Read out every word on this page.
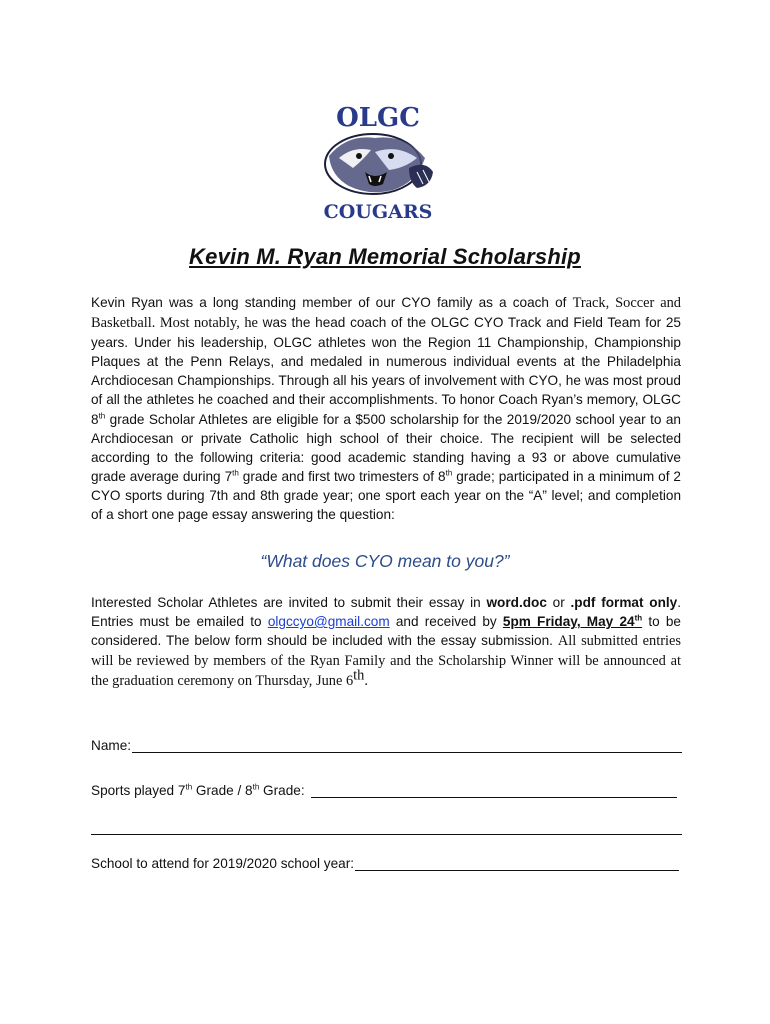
OLGC
COUGARS
Kevin M. Ryan Memorial Scholarship
Kevin Ryan was a long standing member of our CYO family as a coach of Track, Soccer and Basketball. Most notably, he was the head coach of the OLGC CYO Track and Field Team for 25 years. Under his leadership, OLGC athletes won the Region 11 Championship, Championship Plaques at the Penn Relays, and medaled in numerous individual events at the Philadelphia Archdiocesan Championships. Through all his years of involvement with CYO, he was most proud of all the athletes he coached and their accomplishments. To honor Coach Ryan’s memory, OLGC 8th grade Scholar Athletes are eligible for a $500 scholarship for the 2019/2020 school year to an Archdiocesan or private Catholic high school of their choice. The recipient will be selected according to the following criteria: good academic standing having a 93 or above cumulative grade average during 7th grade and first two trimesters of 8th grade; participated in a minimum of 2 CYO sports during 7th and 8th grade year; one sport each year on the “A” level; and completion of a short one page essay answering the question:
“What does CYO mean to you?”
Interested Scholar Athletes are invited to submit their essay in word.doc or .pdf format only. Entries must be emailed to olgccyo@gmail.com and received by 5pm Friday, May 24th to be considered. The below form should be included with the essay submission. All submitted entries will be reviewed by members of the Ryan Family and the Scholarship Winner will be announced at the graduation ceremony on Thursday, June 6th.
Name:
Sports played 7th Grade / 8th Grade:
School to attend for 2019/2020 school year:
